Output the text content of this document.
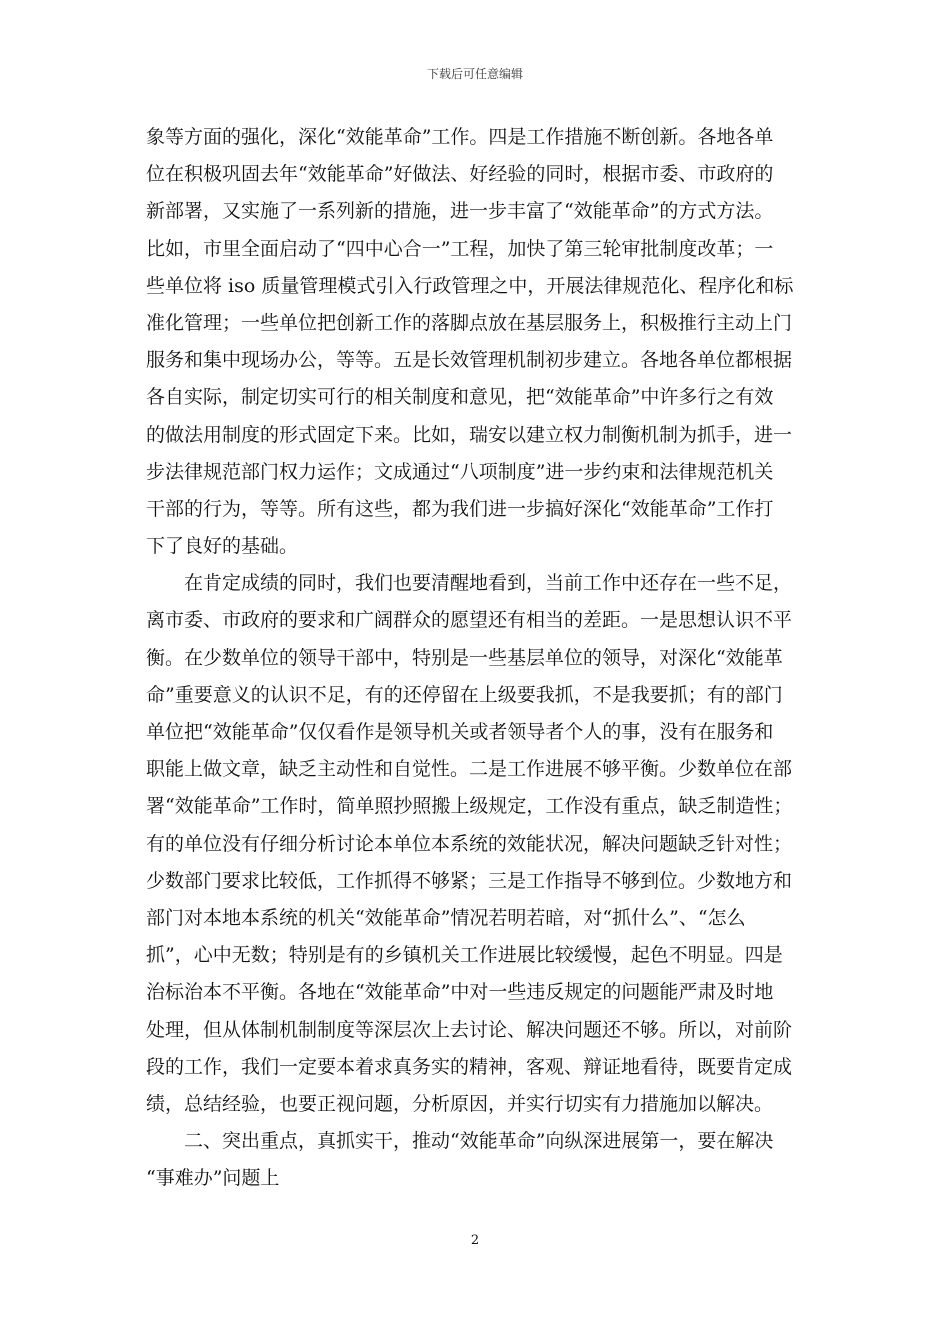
下载后可任意编辑
象等方面的强化，深化“效能革命”工作。四是工作措施不断创新。各地各单
位在积极巩固去年“效能革命”好做法、好经验的同时，根据市委、市政府的
新部署，又实施了一系列新的措施，进一步丰富了“效能革命”的方式方法。
比如，市里全面启动了“四中心合一”工程，加快了第三轮审批制度改革；一
些单位将 iso 质量管理模式引入行政管理之中，开展法律规范化、程序化和标
准化管理；一些单位把创新工作的落脚点放在基层服务上，积极推行主动上门
服务和集中现场办公，等等。五是长效管理机制初步建立。各地各单位都根据
各自实际，制定切实可行的相关制度和意见，把“效能革命”中许多行之有效
的做法用制度的形式固定下来。比如，瑞安以建立权力制衡机制为抓手，进一
步法律规范部门权力运作；文成通过“八项制度”进一步约束和法律规范机关
干部的行为，等等。所有这些，都为我们进一步搞好深化“效能革命”工作打
下了良好的基础。
在肯定成绩的同时，我们也要清醒地看到，当前工作中还存在一些不足，
离市委、市政府的要求和广阔群众的愿望还有相当的差距。一是思想认识不平
衡。在少数单位的领导干部中，特别是一些基层单位的领导，对深化“效能革
命”重要意义的认识不足，有的还停留在上级要我抓，不是我要抓；有的部门
单位把“效能革命”仅仅看作是领导机关或者领导者个人的事，没有在服务和
职能上做文章，缺乏主动性和自觉性。二是工作进展不够平衡。少数单位在部
署“效能革命”工作时，简单照抄照搬上级规定，工作没有重点，缺乏制造性；
有的单位没有仔细分析讨论本单位本系统的效能状况，解决问题缺乏针对性；
少数部门要求比较低，工作抓得不够紧；三是工作指导不够到位。少数地方和
部门对本地本系统的机关“效能革命”情况若明若暗，对“抓什么”、“怎么
抓”，心中无数；特别是有的乡镇机关工作进展比较缓慢，起色不明显。四是
治标治本不平衡。各地在“效能革命”中对一些违反规定的问题能严肃及时地
处理，但从体制机制制度等深层次上去讨论、解决问题还不够。所以，对前阶
段的工作，我们一定要本着求真务实的精神，客观、辩证地看待，既要肯定成
绩，总结经验，也要正视问题，分析原因，并实行切实有力措施加以解决。
二、突出重点，真抓实干，推动“效能革命”向纵深进展第一，要在解决
“事难办”问题上
2
